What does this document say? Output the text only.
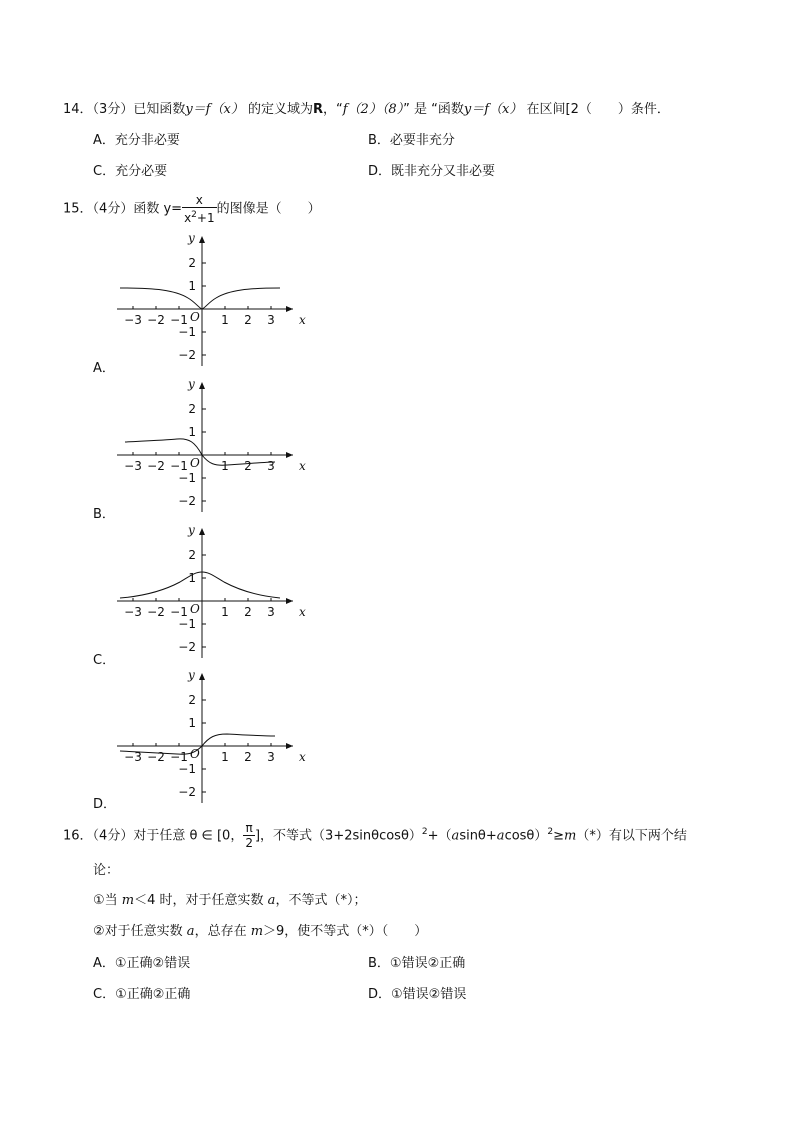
14．（3分）已知函数y＝f（x） 的定义域为R，“f（2）（8）” 是 “函数y＝f（x） 在区间[2（　　）条件．
A．充分非必要	B．必要非充分
C．充分必要	D．既非充分又非必要
15．（4分）函数 $y= \frac{x}{x^2+1}$ 的图像是（　　）
−3 −2 −1	1 2 3
2
1
−1
−2
x
y
O
A．
−3 −2 −1	1 2 3
2
1
−1
−2
x
y
O
B．
−3 −2 −1	1 2 3
2
1
−1
−2
x
y
O
C．
−3 −2 −1	1 2 3
2
1
−1
−2
x
y
O
D．
16．（4分）对于任意 θ ∈ [0， $\frac{\pi}{2}$ ]，不等式$(3+2\sin\theta\cos\theta)^2+(asin\theta+acos\theta)^2\ge m(*)$有以下两个结
论：
①当 m＜4 时，对于任意实数 a，不等式（*）；
②对于任意实数 a，总存在 m＞9，使不等式（*）（　　）
A．①正确②错误	B．①错误②正确
C．①正确②正确	D．①错误②错误
